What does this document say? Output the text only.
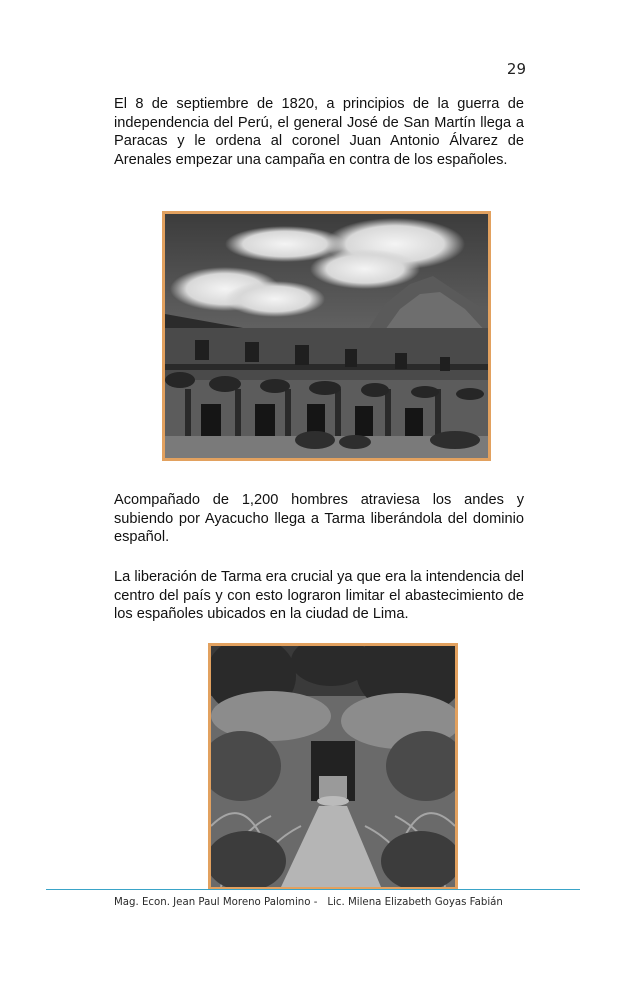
29

El 8 de septiembre de 1820, a principios de la guerra de independencia del Perú, el general José de San Martín llega a Paracas y le ordena al coronel Juan Antonio Álvarez de Arenales empezar una campaña en contra de los españoles.

Acompañado de 1,200 hombres atraviesa los andes y subiendo por Ayacucho llega a Tarma liberándola del dominio español.

La liberación de Tarma era crucial ya que era la intendencia del centro del país y con esto lograron limitar el abastecimiento de los españoles ubicados en la ciudad de Lima.

Mag. Econ. Jean Paul Moreno Palomino - Lic. Milena Elizabeth Goyas Fabián
